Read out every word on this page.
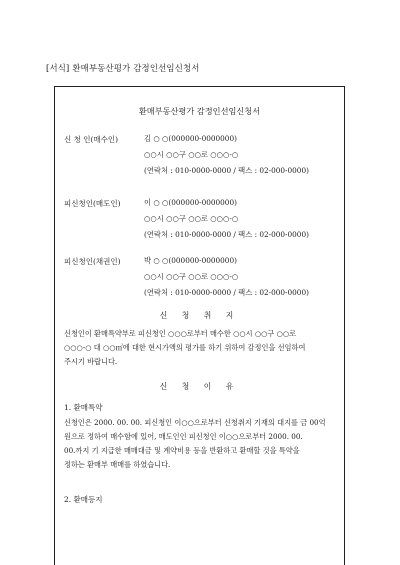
[서식] 환매부동산평가 감정인선임신청서
환매부동산평가 감정인선임신청서
신 청 인(매수인)	김 ○ ○(000000-0000000)
○○시 ○○구 ○○로 ○○○-○
(연락처 : 010-0000-0000 / 팩스 : 02-000-0000)
피신청인(매도인)	이 ○ ○(000000-0000000)
○○시 ○○구 ○○로 ○○○-○
(연락처 : 010-0000-0000 / 팩스 : 02-000-0000)
피신청인(채권인)	박 ○ ○(000000-0000000)
○○시 ○○구 ○○로 ○○○-○
(연락처 : 010-0000-0000 / 팩스 : 02-000-0000)
신 청 취 지
신청인이 환매특약부로 피신청인 ○○○로부터 매수한 ○○시 ○○구 ○○로
○○○-○ 대 ○○㎡에 대한 현시가액의 평가를 하기 위하여 감정인을 선임하여
주시기 바랍니다.
신 청 이 유
1. 환매특약
신청인은 2000. 00. 00. 피신청인 이○○으로부터 신청취지 기재의 대지를 금 00억
원으로 정하여 매수함에 있어, 매도인인 피신청인 이○○으로부터 2000. 00.
00.까지 기 지급한 매매대금 및 계약비용 등을 반환하고 환매할 것을 특약을
정하는 환매부 매매를 하였습니다.
2. 환매등지
